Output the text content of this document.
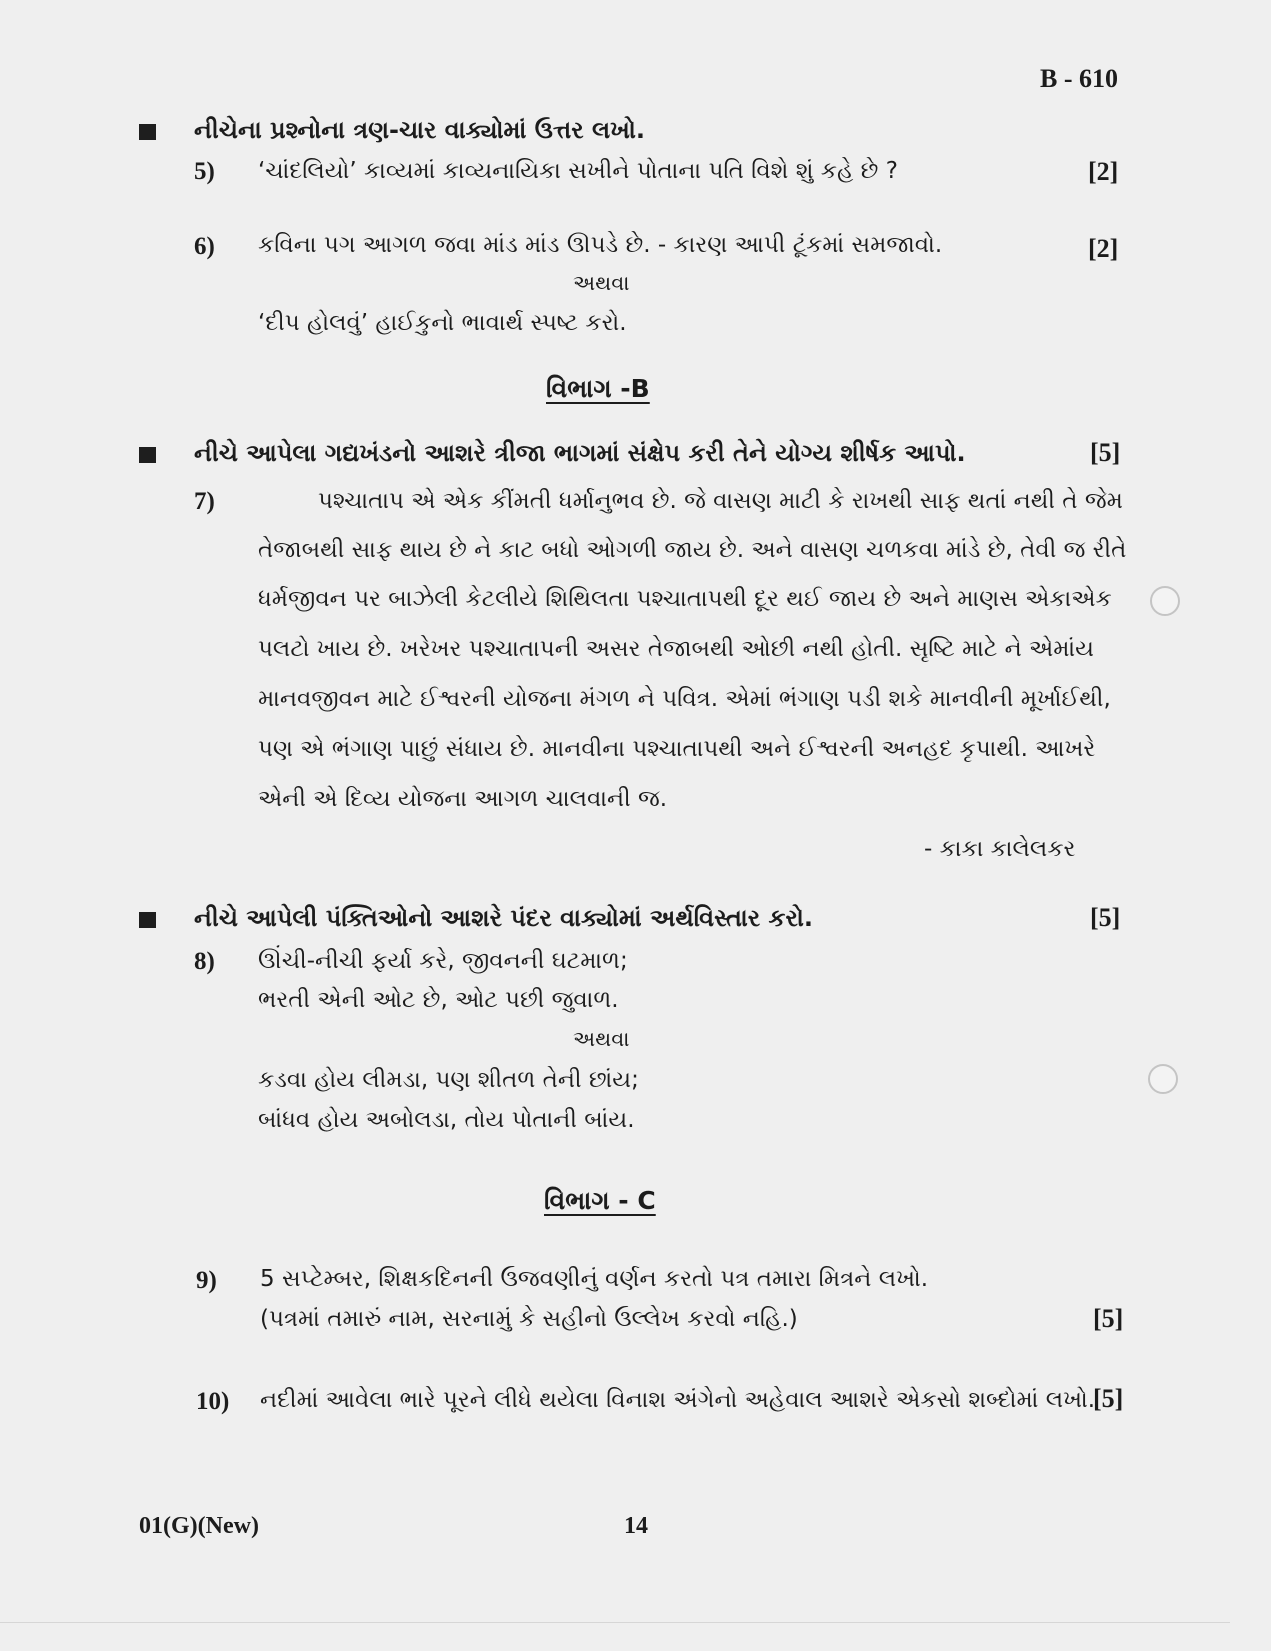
B - 610
નીચેના પ્રશ્નોના ત્રણ-ચાર વાક્યોમાં ઉત્તર લખો.
5) ‘ચાંદલિયો’ કાવ્યમાં કાવ્યનાયિકા સખીને પોતાના પતિ વિશે શું કહે છે ?	[2]
6) કવિના પગ આગળ જવા માંડ માંડ ઊપડે છે. - કારણ આપી ટૂંકમાં સમજાવો.	[2]
અથવા
‘દીપ હોલવું’ હાઈકુનો ભાવાર્થ સ્પષ્ટ કરો.
વિભાગ -B
નીચે આપેલા ગદ્યખંડનો આશરે ત્રીજા ભાગમાં સંક્ષેપ કરી તેને યોગ્ય શીર્ષક આપો.	[5]
7)	પશ્ચાતાપ એ એક કીંમતી ધર્માનુભવ છે. જે વાસણ માટી કે રાખથી સાફ થતાં નથી તે જેમ
તેજાબથી સાફ થાય છે ને કાટ બધો ઓગળી જાય છે. અને વાસણ ચળકવા માંડે છે, તેવી જ રીતે
ધર્મજીવન પર બાઝેલી કેટલીયે શિથિલતા પશ્ચાતાપથી દૂર થઈ જાય છે અને માણસ એકાએક
પલટો ખાય છે. ખરેખર પશ્ચાતાપની અસર તેજાબથી ઓછી નથી હોતી. સૃષ્ટિ માટે ને એમાંય
માનવજીવન માટે ઈશ્વરની યોજના મંગળ ને પવિત્ર. એમાં ભંગાણ પડી શકે માનવીની મૂર્ખાઈથી,
પણ એ ભંગાણ પાછું સંધાય છે. માનવીના પશ્ચાતાપથી અને ઈશ્વરની અનહદ કૃપાથી. આખરે
એની એ દિવ્ય યોજના આગળ ચાલવાની જ.
- કાકા કાલેલકર
નીચે આપેલી પંક્તિઓનો આશરે પંદર વાક્યોમાં અર્થવિસ્તાર કરો.	[5]
8) ઊંચી-નીચી ફર્યા કરે, જીવનની ઘટમાળ;
ભરતી એની ઓટ છે, ઓટ પછી જુવાળ.
અથવા
કડવા હોય લીમડા, પણ શીતળ તેની છાંય;
બાંધવ હોય અબોલડા, તોય પોતાની બાંય.
વિભાગ - C
9) 5 સપ્ટેમ્બર, શિક્ષકદિનની ઉજવણીનું વર્ણન કરતો પત્ર તમારા મિત્રને લખો.
(પત્રમાં તમારું નામ, સરનામું કે સહીનો ઉલ્લેખ કરવો નહિ.)	[5]
10) નદીમાં આવેલા ભારે પૂરને લીધે થયેલા વિનાશ અંગેનો અહેવાલ આશરે એકસો શબ્દોમાં લખો.
[5]
01(G)(New)	14
